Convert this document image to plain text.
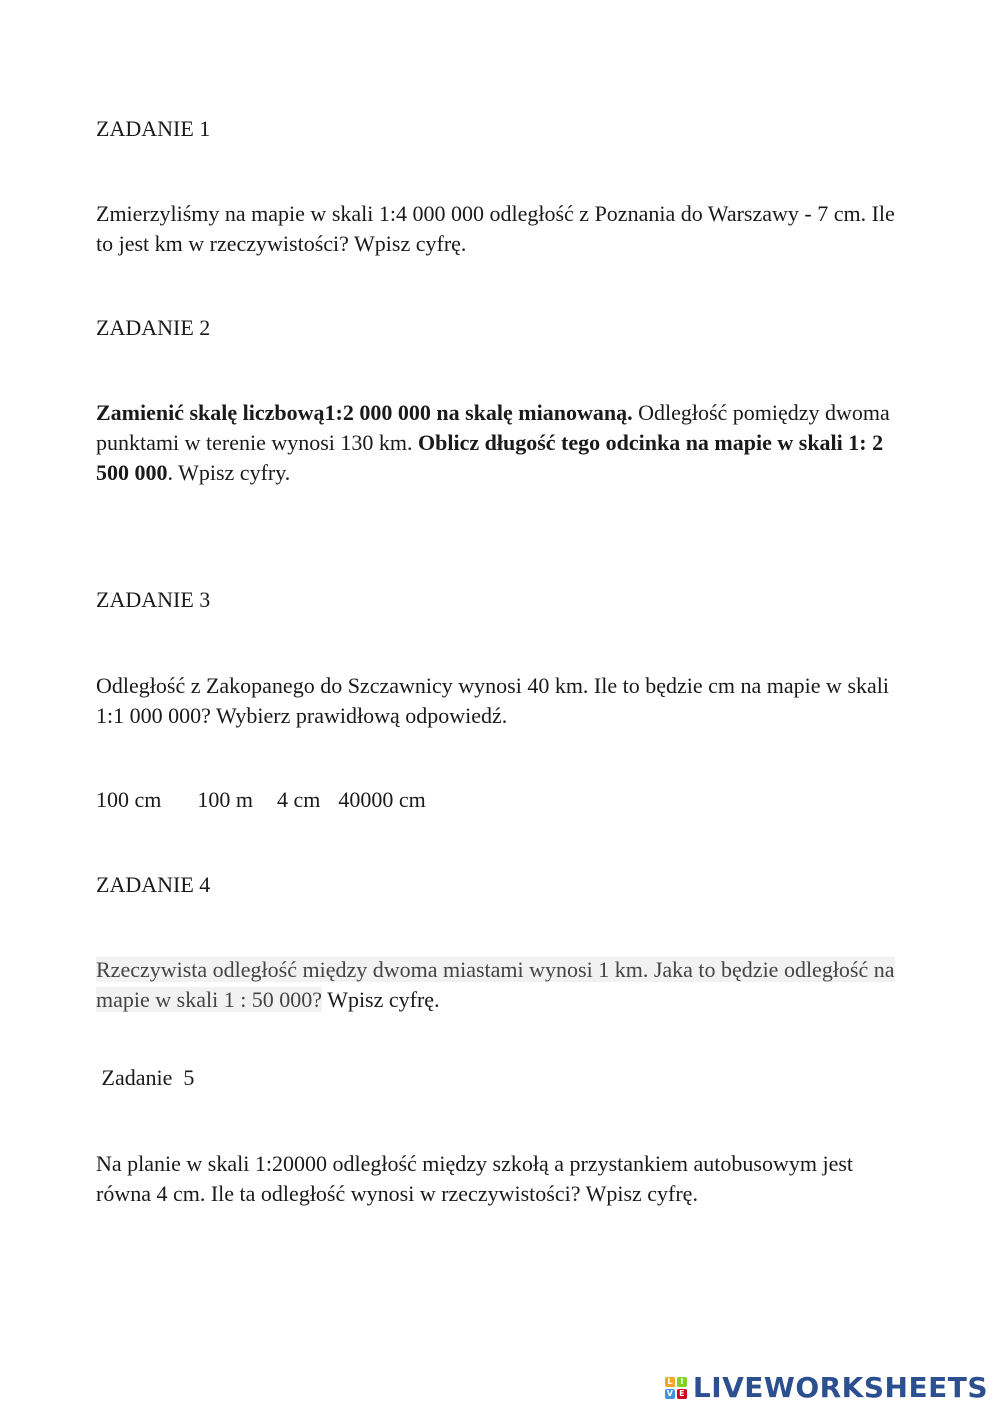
ZADANIE 1

Zmierzyliśmy na mapie w skali 1:4 000 000 odległość z Poznania do Warszawy - 7 cm. Ile to jest km w rzeczywistości? Wpisz cyfrę.

ZADANIE 2

Zamienić skalę liczbową1:2 000 000 na skalę mianowaną. Odległość pomiędzy dwoma punktami w terenie wynosi 130 km. Oblicz długość tego odcinka na mapie w skali 1: 2 500 000. Wpisz cyfry.

ZADANIE 3

Odległość z Zakopanego do Szczawnicy wynosi 40 km. Ile to będzie cm na mapie w skali 1:1 000 000? Wybierz prawidłową odpowiedź.

100 cm 100 m 4 cm 40000 cm

ZADANIE 4

Rzeczywista odległość między dwoma miastami wynosi 1 km. Jaka to będzie odległość na mapie w skali 1 : 50 000? Wpisz cyfrę.

Zadanie  5

Na planie w skali 1:20000 odległość między szkołą a przystankiem autobusowym jest równa 4 cm. Ile ta odległość wynosi w rzeczywistości? Wpisz cyfrę.

L I
V E LIVEWORKSHEETS
